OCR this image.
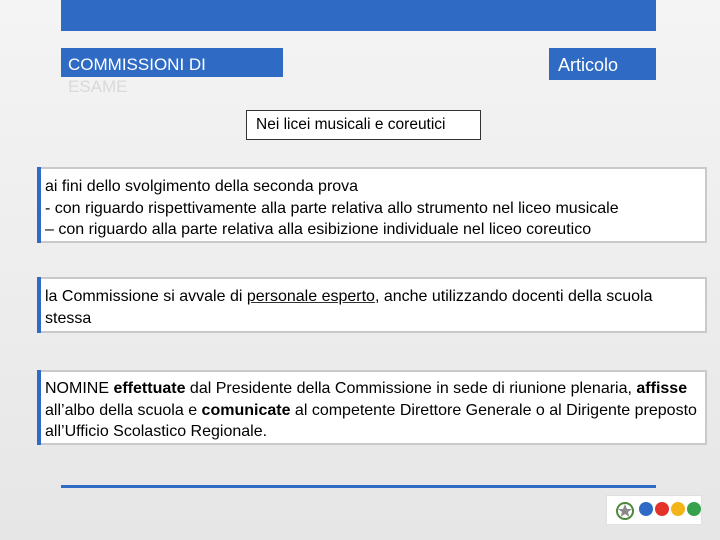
COMMISSIONI DI
ESAME
Articolo
Nei licei musicali e coreutici
ai fini dello svolgimento della seconda prova
- con riguardo rispettivamente alla parte relativa allo strumento nel liceo musicale
– con riguardo alla parte relativa alla esibizione individuale nel liceo coreutico
la Commissione si avvale di personale esperto, anche utilizzando docenti della scuola stessa
NOMINE effettuate dal Presidente della Commissione in sede di riunione plenaria, affisse all’albo della scuola e comunicate al competente Direttore Generale o al Dirigente preposto all’Ufficio Scolastico Regionale.
